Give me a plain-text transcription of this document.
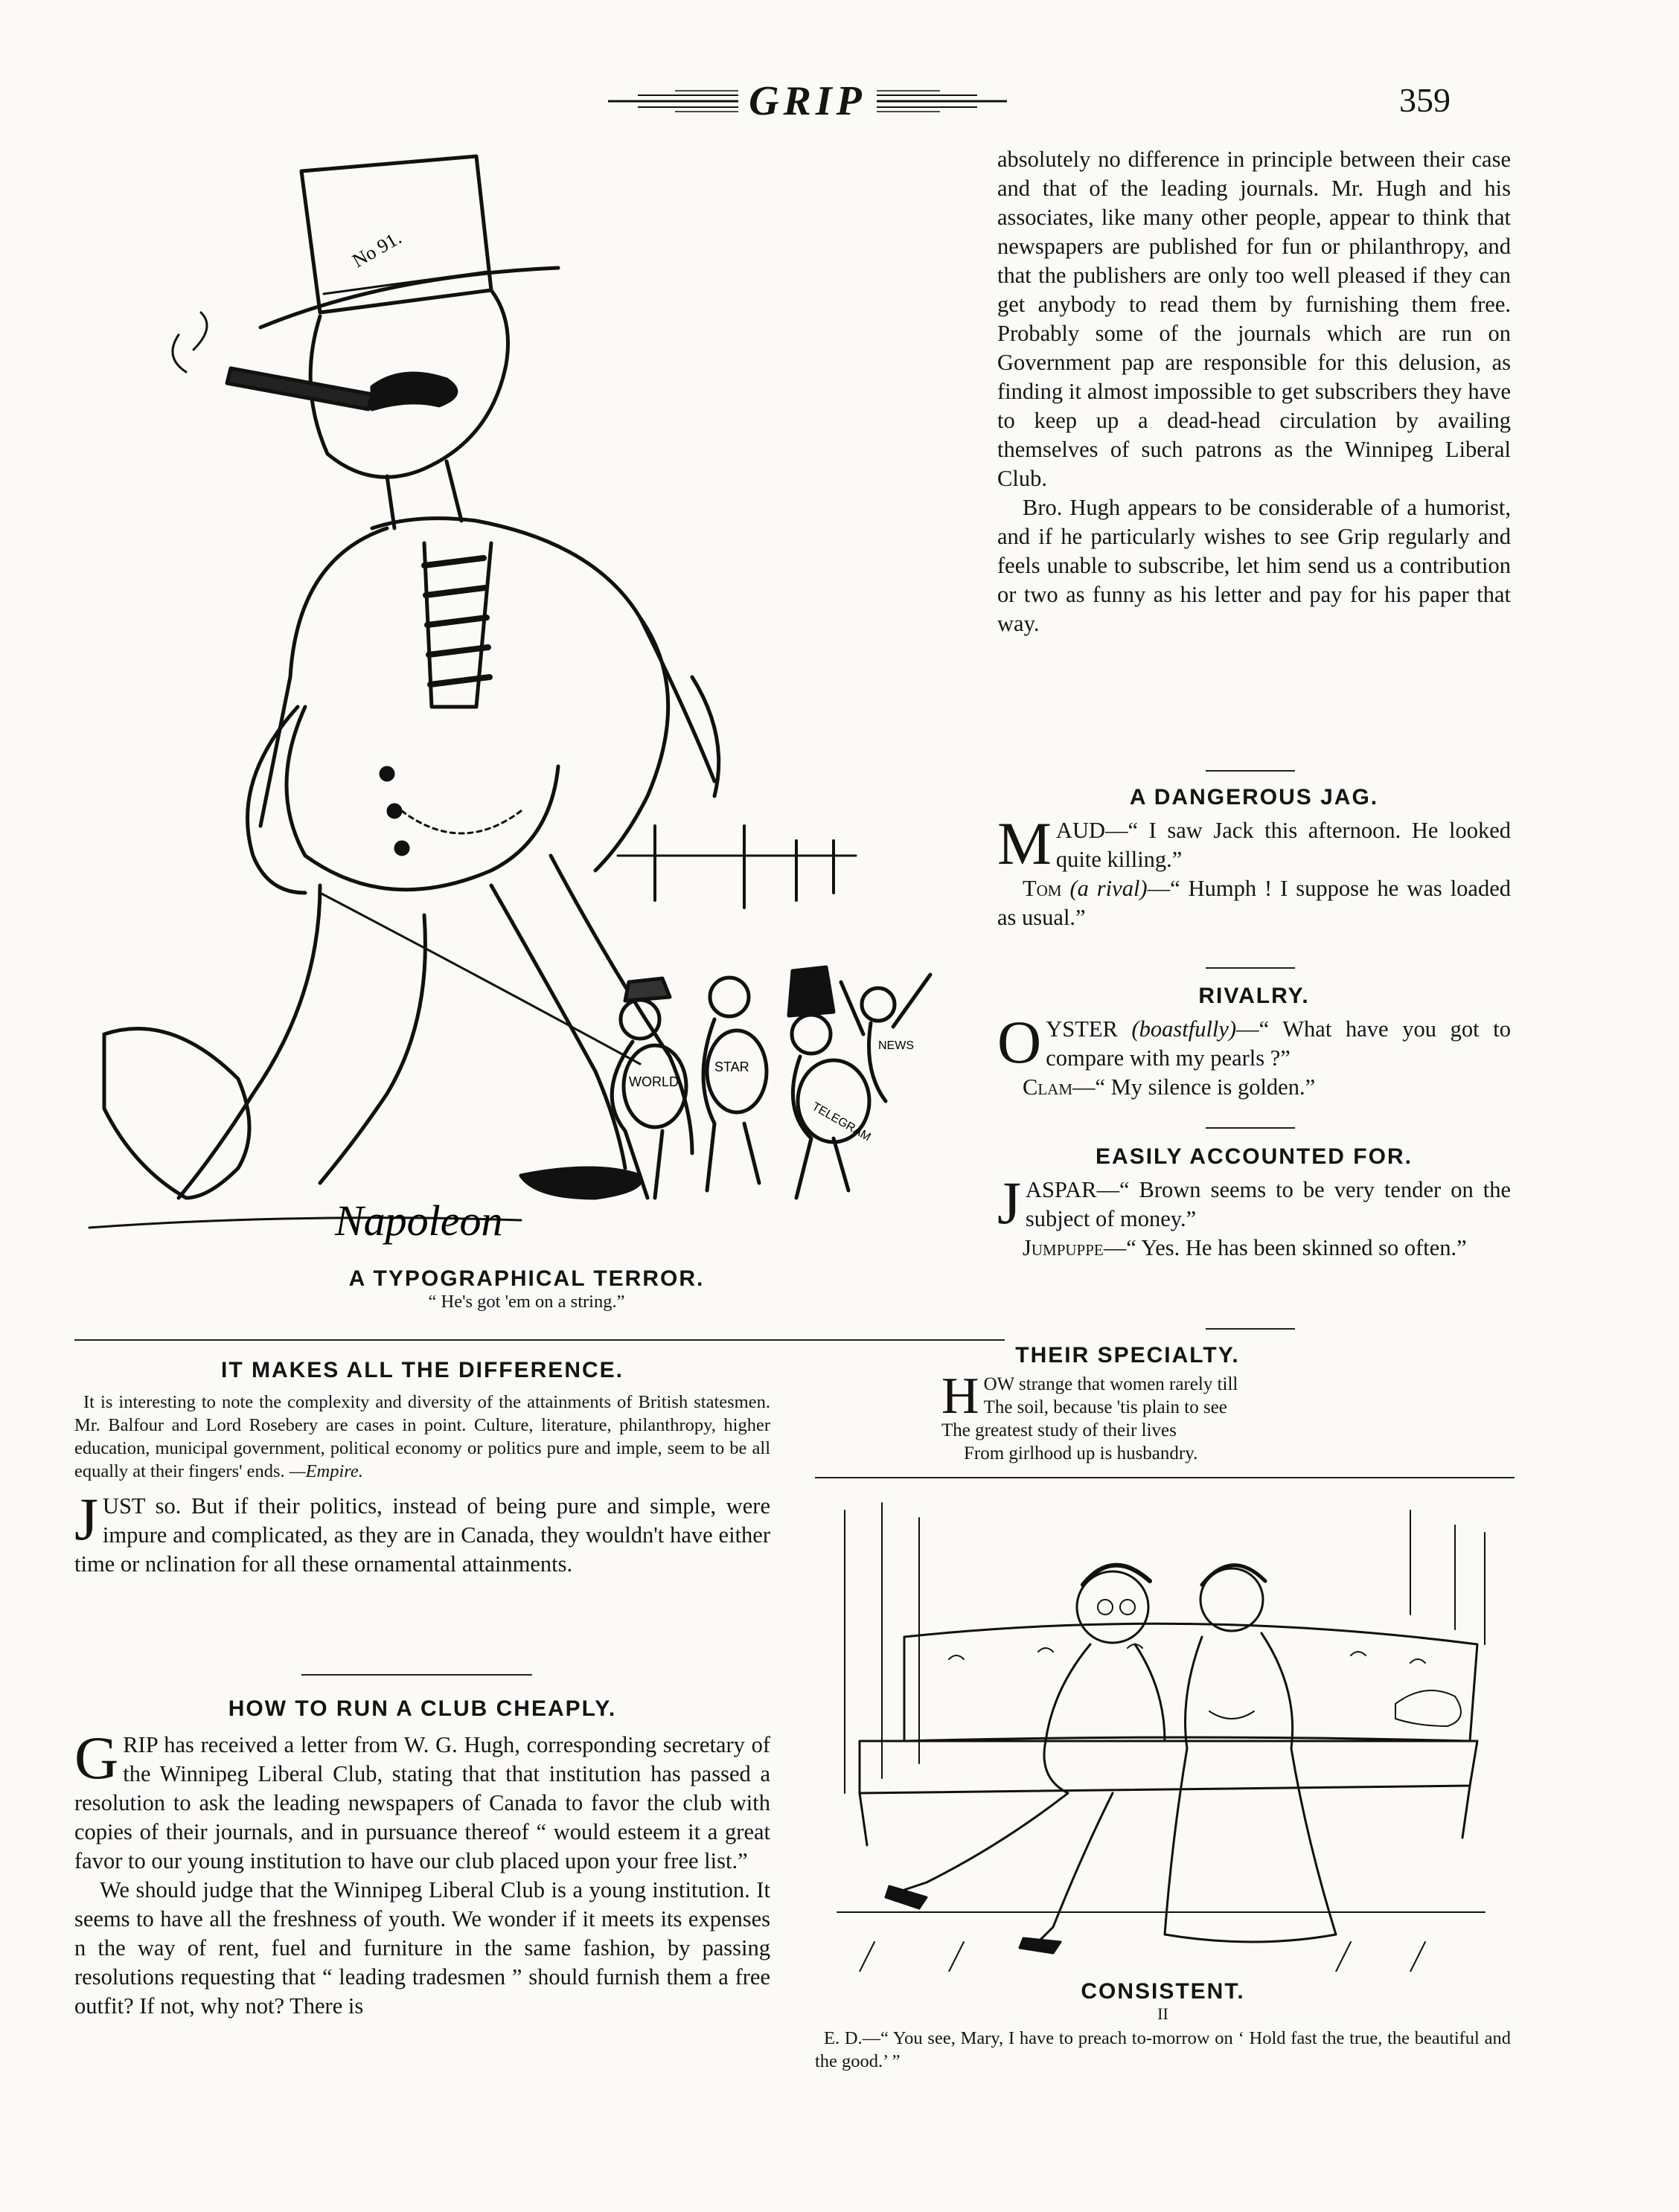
GRIP	359
No 91.
WORLD
STAR
TELEGRAM
NEWS
Napoleon
A TYPOGRAPHICAL TERROR.
“ He's got 'em on a string.”

absolutely no difference in principle between their case and that of the leading journals. Mr. Hugh and his associates, like many other people, appear to think that newspapers are published for fun or philanthropy, and that the publishers are only too well pleased if they can get anybody to read them by furnishing them free. Probably some of the journals which are run on Government pap are responsible for this delusion, as finding it almost impossible to get subscribers they have to keep up a dead-head circulation by availing themselves of such patrons as the Winnipeg Liberal Club.

Bro. Hugh appears to be considerable of a humorist, and if he particularly wishes to see Grip regularly and feels unable to subscribe, let him send us a contribution or two as funny as his letter and pay for his paper that way.

A DANGEROUS JAG.

MAUD—“ I saw Jack this afternoon. He looked quite killing.”

Tom (a rival)—“ Humph ! I suppose he was loaded as usual.”

RIVALRY.

OYSTER (boastfully)—“ What have you got to compare with my pearls ?”

Clam—“ My silence is golden.”

EASILY ACCOUNTED FOR.

JASPAR—“ Brown seems to be very tender on the subject of money.”

Jumpuppe—“ Yes. He has been skinned so often.”

THEIR SPECIALTY.
H OW strange that women rarely till
The soil, because 'tis plain to see
The greatest study of their lives
From girlhood up is husbandry.
CONSISTENT.
II

E. D.—“ You see, Mary, I have to preach to-morrow on ‘ Hold fast the true, the beautiful and the good.’ ”

IT MAKES ALL THE DIFFERENCE.

It is interesting to note the complexity and diversity of the attainments of British statesmen. Mr. Balfour and Lord Rosebery are cases in point. Culture, literature, philanthropy, higher education, municipal government, political economy or politics pure and imple, seem to be all equally at their fingers' ends. —Empire.

JUST so. But if their politics, instead of being pure and simple, were impure and complicated, as they are in Canada, they wouldn't have either time or nclination for all these ornamental attainments.

HOW TO RUN A CLUB CHEAPLY.

GRIP has received a letter from W. G. Hugh, corresponding secretary of the Winnipeg Liberal Club, stating that that institution has passed a resolution to ask the leading newspapers of Canada to favor the club with copies of their journals, and in pursuance thereof “ would esteem it a great favor to our young institution to have our club placed upon your free list.”

We should judge that the Winnipeg Liberal Club is a young institution. It seems to have all the freshness of youth. We wonder if it meets its expenses n the way of rent, fuel and furniture in the same fashion, by passing resolutions requesting that “ leading tradesmen ” should furnish them a free outfit? If not, why not? There is
